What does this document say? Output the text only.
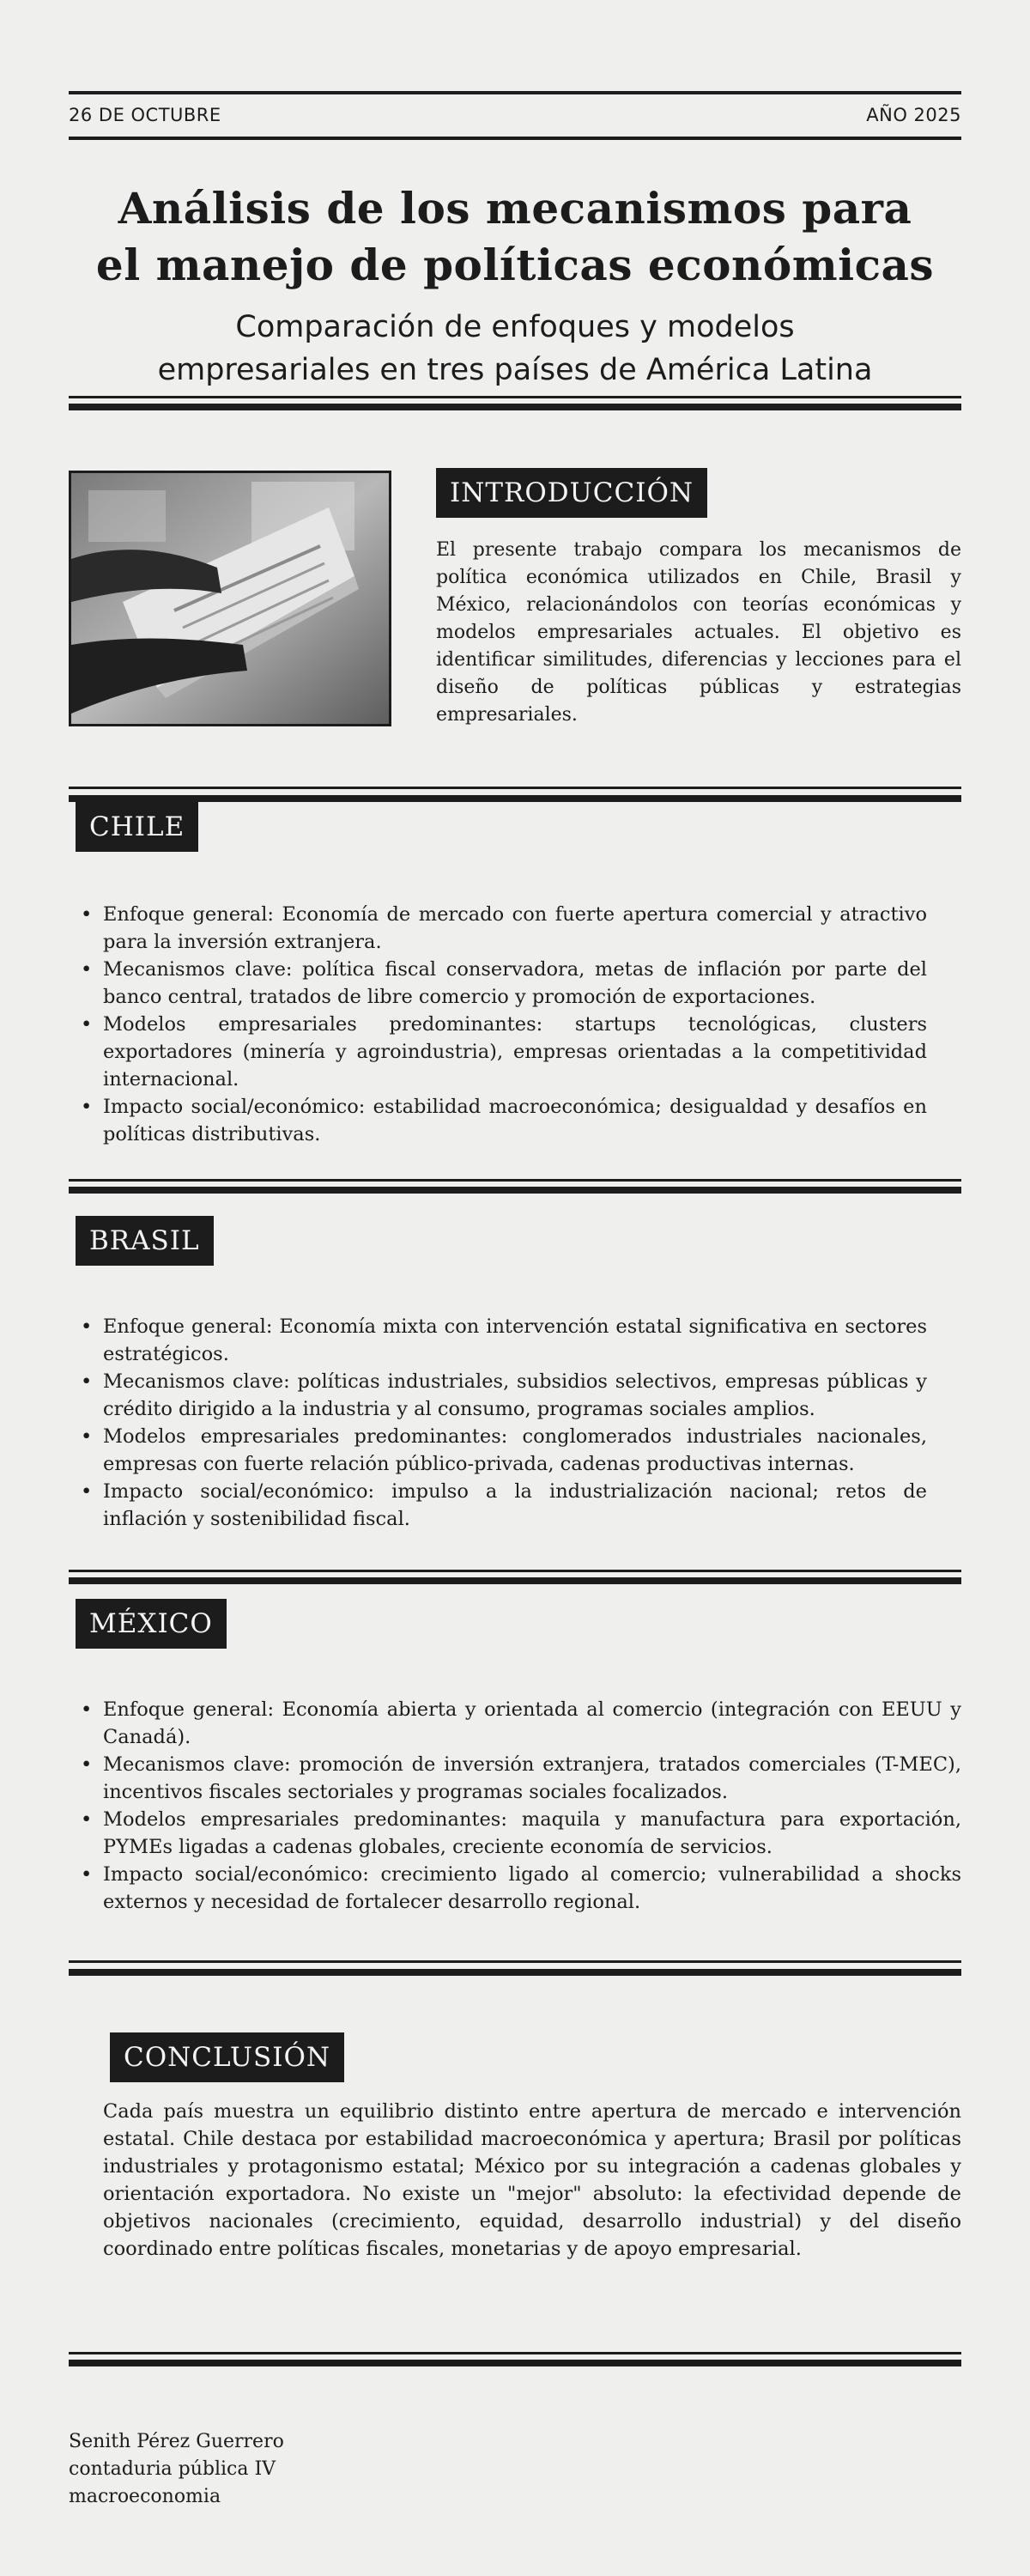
26 DE OCTUBRE	AÑO 2025
Análisis de los mecanismos para
el manejo de políticas económicas
Comparación de enfoques y modelos
empresariales en tres países de América Latina
INTRODUCCIÓN
El presente trabajo compara los mecanismos de política económica utilizados en Chile, Brasil y México, relacionándolos con teorías económicas y modelos empresariales actuales. El objetivo es identificar similitudes, diferencias y lecciones para el diseño de políticas públicas y estrategias empresariales.
CHILE
• Enfoque general: Economía de mercado con fuerte apertura comercial y atractivo para la inversión extranjera.
• Mecanismos clave: política fiscal conservadora, metas de inflación por parte del banco central, tratados de libre comercio y promoción de exportaciones.
• Modelos empresariales predominantes: startups tecnológicas, clusters exportadores (minería y agroindustria), empresas orientadas a la competitividad internacional.
• Impacto social/económico: estabilidad macroeconómica; desigualdad y desafíos en políticas distributivas.
BRASIL
• Enfoque general: Economía mixta con intervención estatal significativa en sectores estratégicos.
• Mecanismos clave: políticas industriales, subsidios selectivos, empresas públicas y crédito dirigido a la industria y al consumo, programas sociales amplios.
• Modelos empresariales predominantes: conglomerados industriales nacionales, empresas con fuerte relación público-privada, cadenas productivas internas.
• Impacto social/económico: impulso a la industrialización nacional; retos de inflación y sostenibilidad fiscal.
MÉXICO
• Enfoque general: Economía abierta y orientada al comercio (integración con EEUU y Canadá).
• Mecanismos clave: promoción de inversión extranjera, tratados comerciales (T-MEC), incentivos fiscales sectoriales y programas sociales focalizados.
• Modelos empresariales predominantes: maquila y manufactura para exportación, PYMEs ligadas a cadenas globales, creciente economía de servicios.
• Impacto social/económico: crecimiento ligado al comercio; vulnerabilidad a shocks externos y necesidad de fortalecer desarrollo regional.
CONCLUSIÓN
Cada país muestra un equilibrio distinto entre apertura de mercado e intervención estatal. Chile destaca por estabilidad macroeconómica y apertura; Brasil por políticas industriales y protagonismo estatal; México por su integración a cadenas globales y orientación exportadora. No existe un "mejor" absoluto: la efectividad depende de objetivos nacionales (crecimiento, equidad, desarrollo industrial) y del diseño coordinado entre políticas fiscales, monetarias y de apoyo empresarial.
Senith Pérez Guerrero
contaduria pública IV
macroeconomia
